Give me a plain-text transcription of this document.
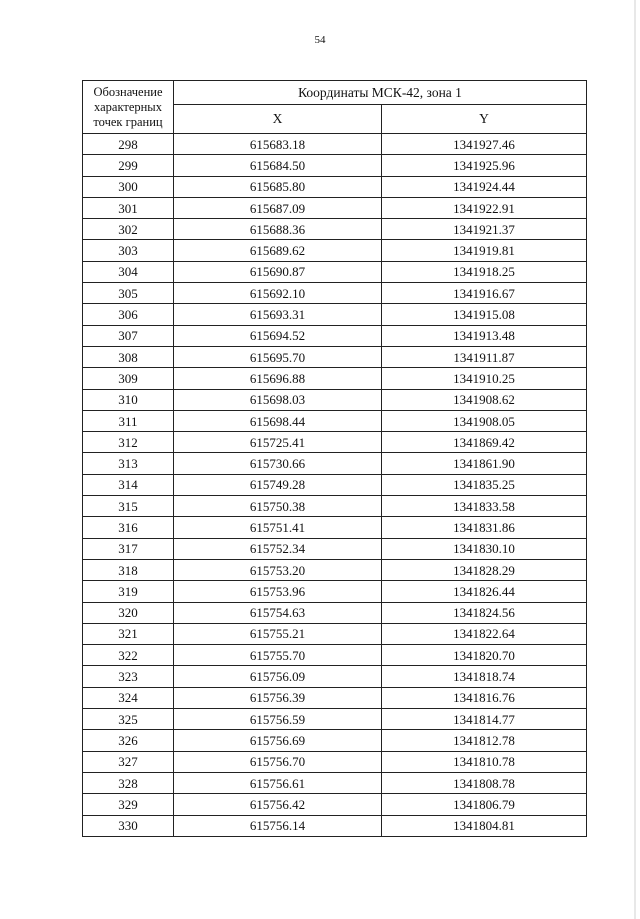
54
Обозначение характерных точек границ	Координаты МСК-42, зона 1	
	X	Y
298	615683.18	1341927.46
299	615684.50	1341925.96
300	615685.80	1341924.44
301	615687.09	1341922.91
302	615688.36	1341921.37
303	615689.62	1341919.81
304	615690.87	1341918.25
305	615692.10	1341916.67
306	615693.31	1341915.08
307	615694.52	1341913.48
308	615695.70	1341911.87
309	615696.88	1341910.25
310	615698.03	1341908.62
311	615698.44	1341908.05
312	615725.41	1341869.42
313	615730.66	1341861.90
314	615749.28	1341835.25
315	615750.38	1341833.58
316	615751.41	1341831.86
317	615752.34	1341830.10
318	615753.20	1341828.29
319	615753.96	1341826.44
320	615754.63	1341824.56
321	615755.21	1341822.64
322	615755.70	1341820.70
323	615756.09	1341818.74
324	615756.39	1341816.76
325	615756.59	1341814.77
326	615756.69	1341812.78
327	615756.70	1341810.78
328	615756.61	1341808.78
329	615756.42	1341806.79
330	615756.14	1341804.81
